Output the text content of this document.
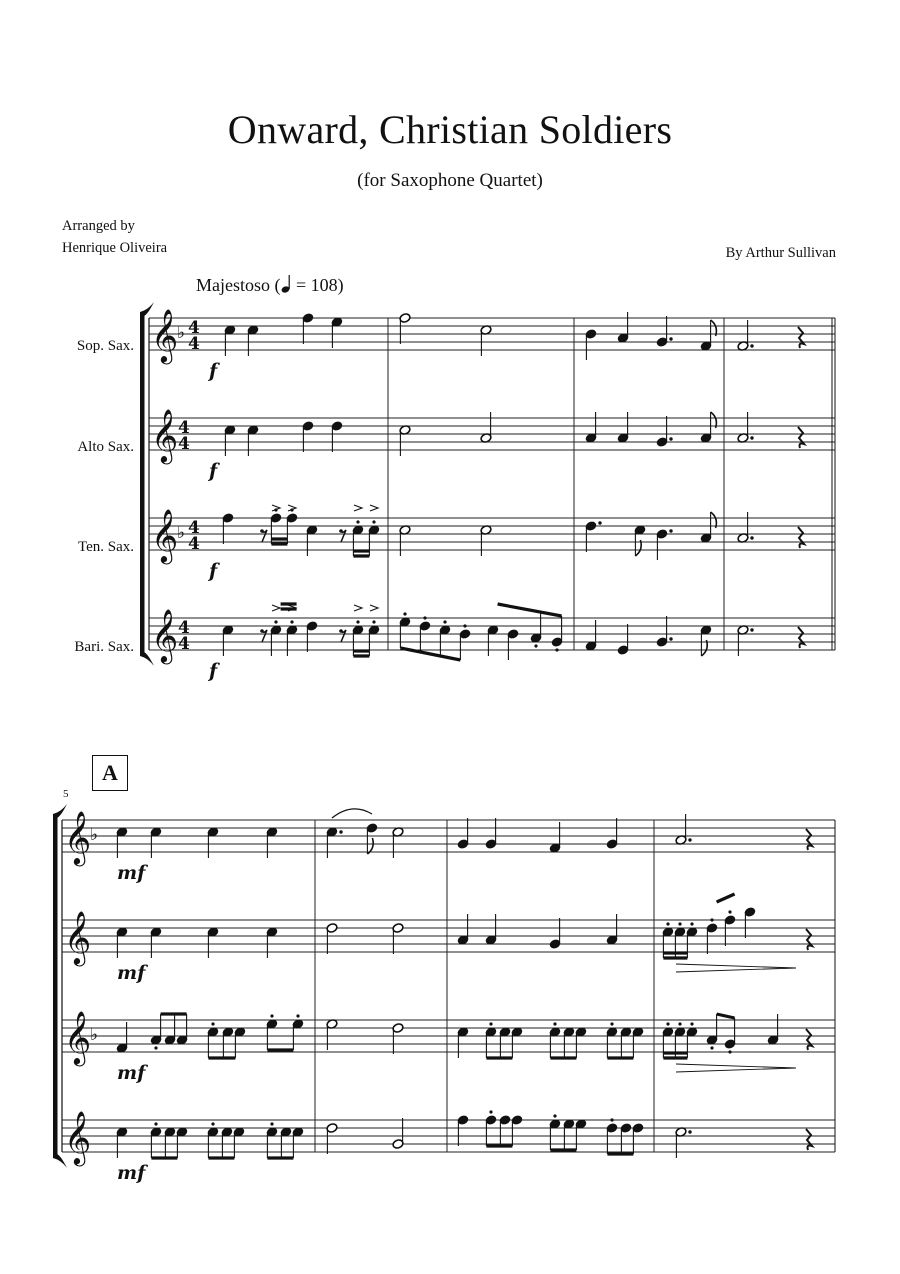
Onward, Christian Soldiers
(for Saxophone Quartet)
Arranged by
Henrique Oliveira	By Arthur Sullivan
Majestoso ( = 108)
Sop. Sax.
Alto Sax.
Ten. Sax.
Bari. Sax.
A
5
𝄞
♭ 4
4
𝄞 4
4
𝄞
♭ 4
4
𝄞 4
4
𝄞
♭
𝄞
𝄞
♭
𝄞
f
f
f
f
mf
mf
mf
mf
